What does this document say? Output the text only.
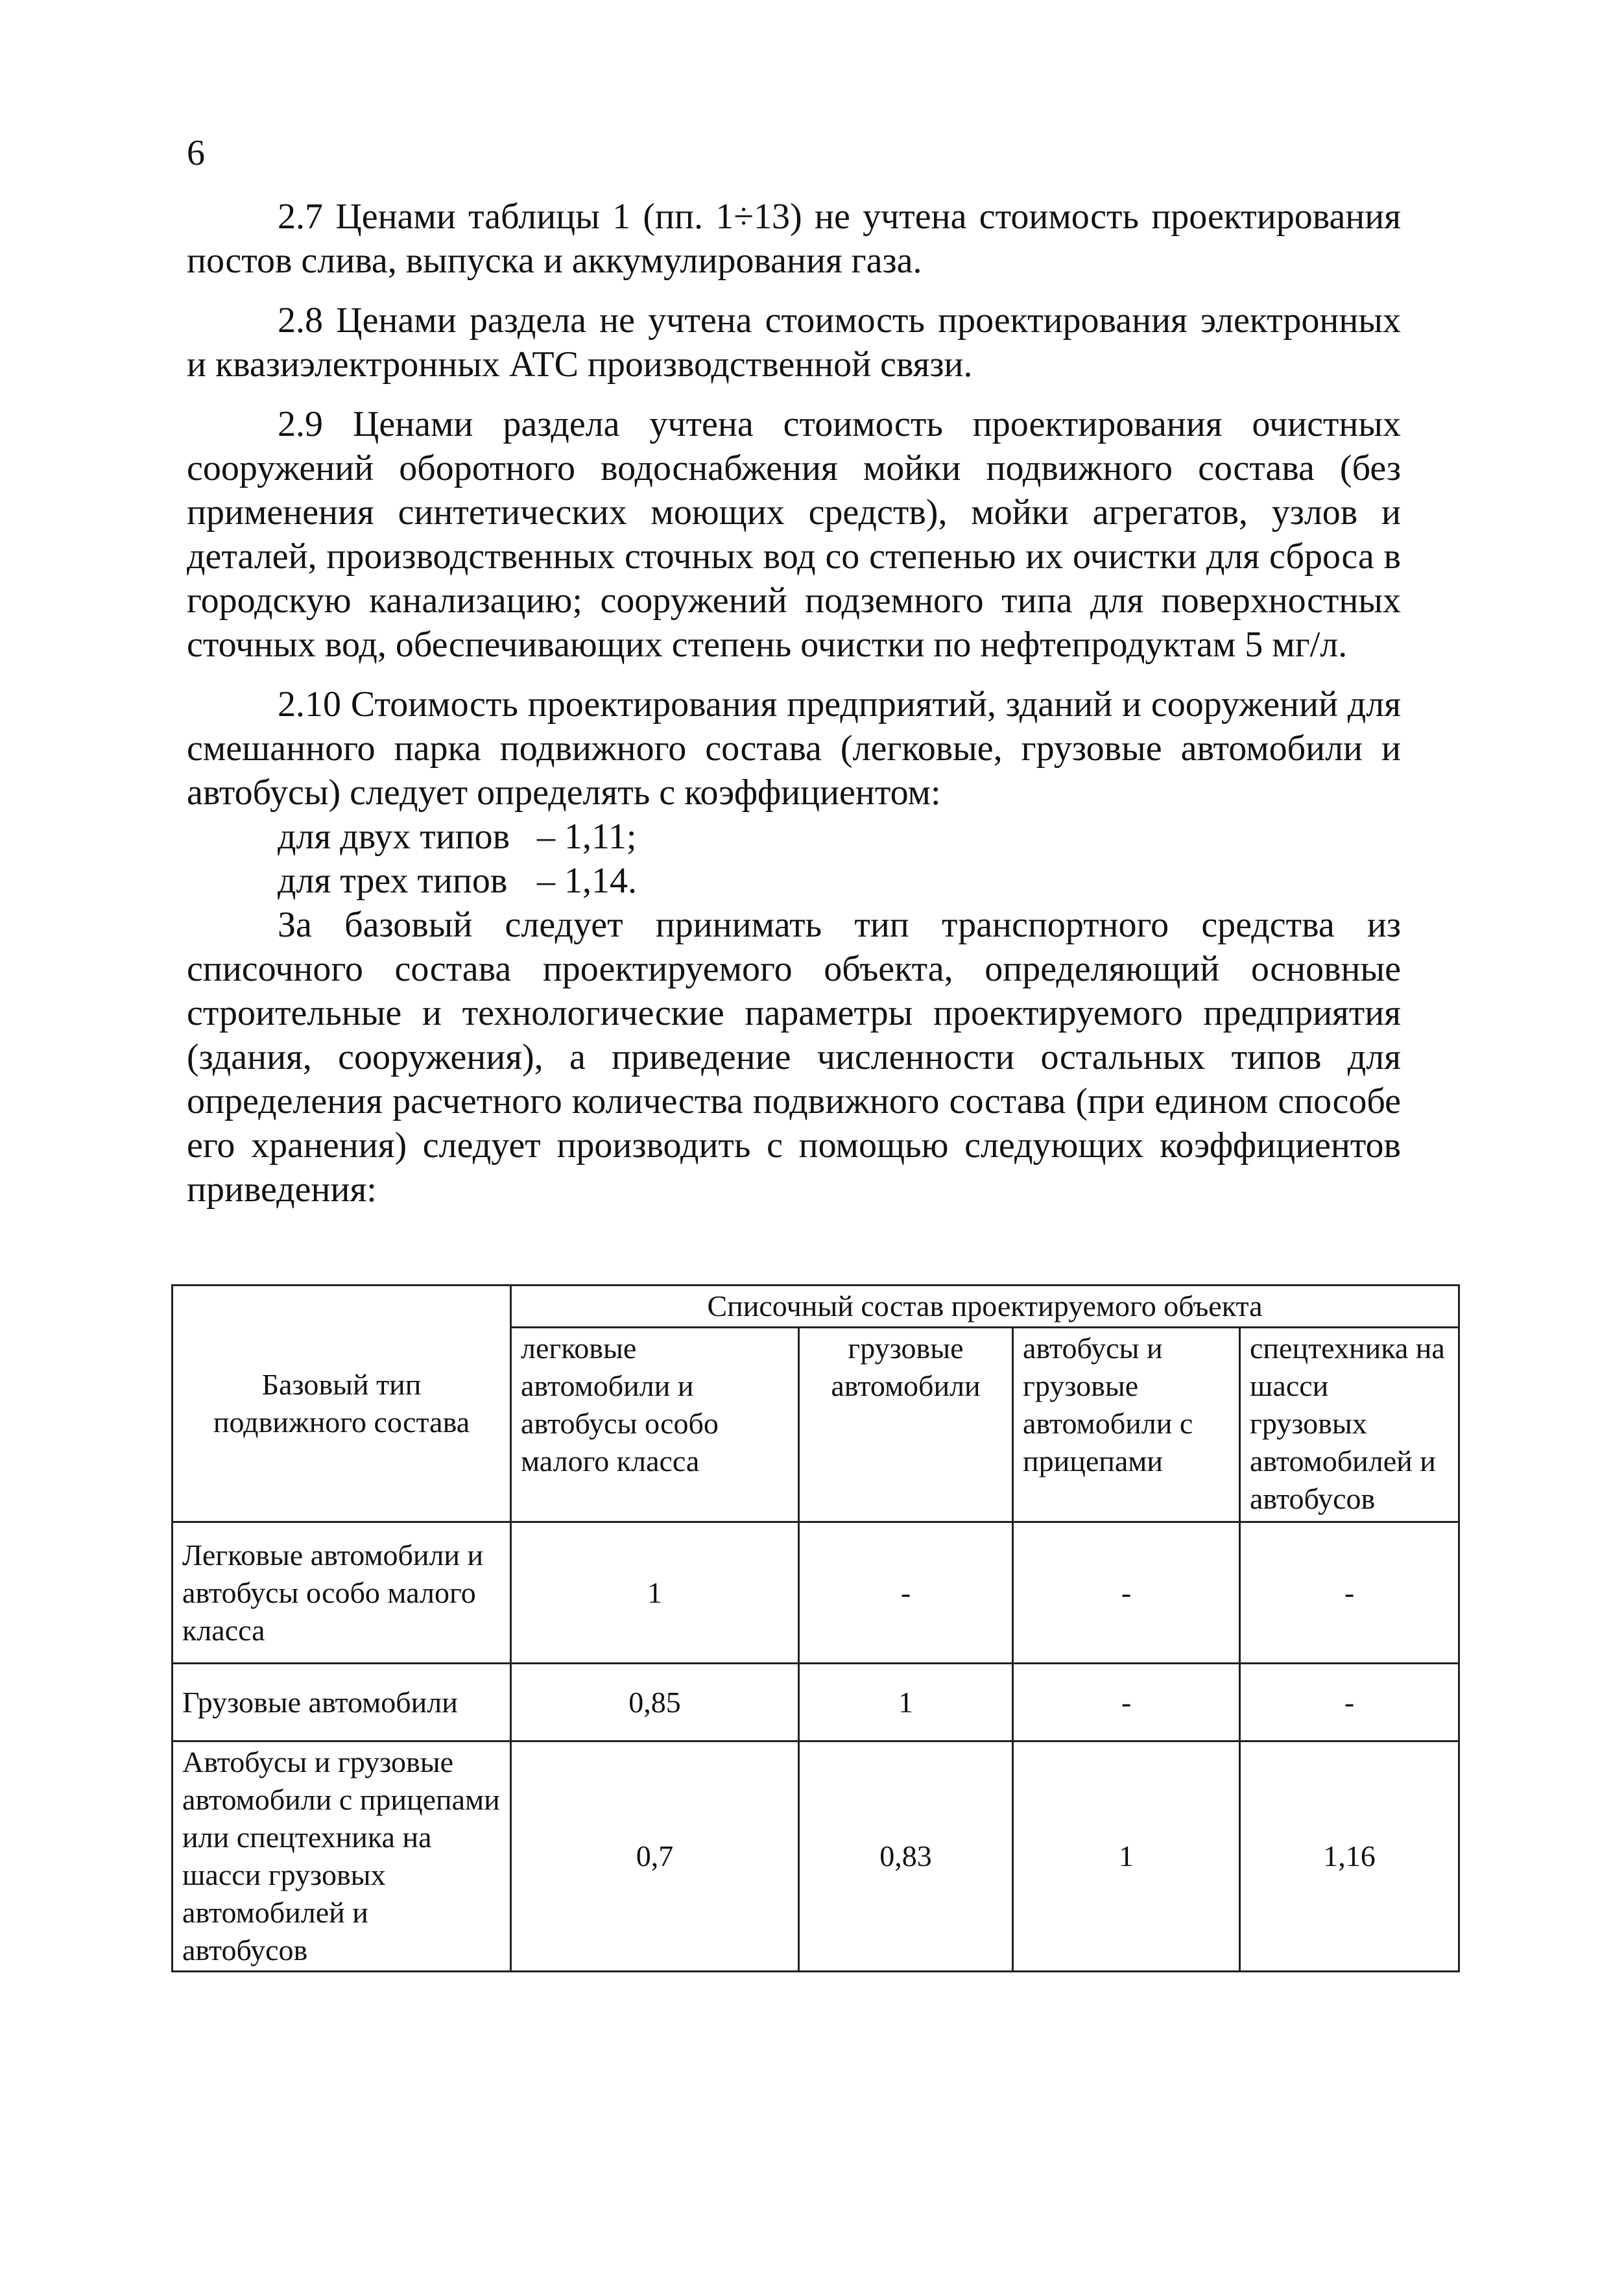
6

2.7 Ценами таблицы 1 (пп. 1÷13) не учтена стоимость проектирования постов слива, выпуска и аккумулирования газа.

2.8 Ценами раздела не учтена стоимость проектирования электронных и квазиэлектронных АТС производственной связи.

2.9 Ценами раздела учтена стоимость проектирования очистных сооружений оборотного водоснабжения мойки подвижного состава (без применения синтетических моющих средств), мойки агрегатов, узлов и деталей, производственных сточных вод со степенью их очистки для сброса в городскую канализацию; сооружений подземного типа для поверхностных сточных вод, обеспечивающих степень очистки по нефтепродуктам 5 мг/л.

2.10 Стоимость проектирования предприятий, зданий и сооружений для смешанного парка подвижного состава (легковые, грузовые автомобили и автобусы) следует определять с коэффициентом:

для двух типов – 1,11;
для трех типов – 1,14.

За базовый следует принимать тип транспортного средства из списочного состава проектируемого объекта, определяющий основные строительные и технологические параметры проектируемого предприятия (здания, сооружения), а приведение численности остальных типов для определения расчетного количества подвижного состава (при едином способе его хранения) следует производить с помощью следующих коэффициентов приведения:

Базовый тип подвижного состава	Списочный состав проектируемого объекта			
	легковые автомобили и автобусы особо малого класса	грузовые автомобили	автобусы и грузовые автомобили с прицепами	спецтехника на шасси грузовых автомобилей и автобусов
Легковые автомобили и автобусы особо малого класса	1	-	-	-
Грузовые автомобили	0,85	1	-	-
Автобусы и грузовые автомобили с прицепами или спецтехника на шасси грузовых автомобилей и автобусов	0,7	0,83	1	1,16
